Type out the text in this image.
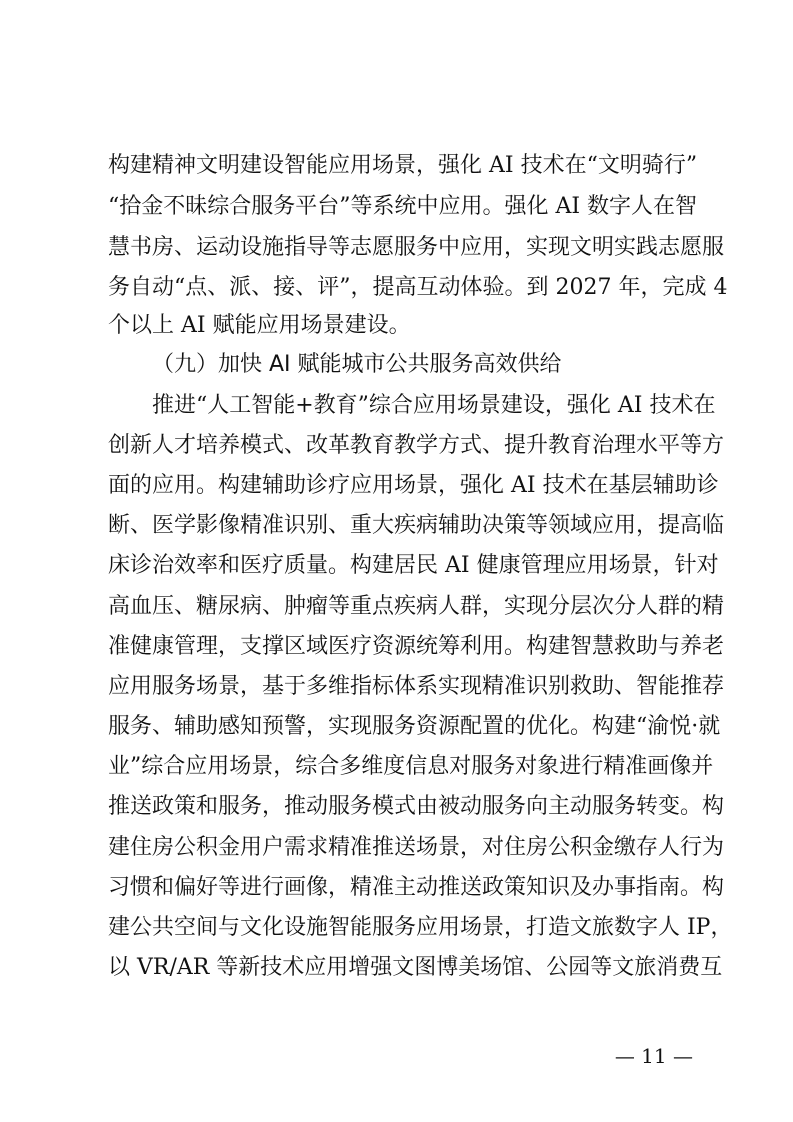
构建精神文明建设智能应用场景，强化 AI 技术在“文明骑行”
“拾金不昧综合服务平台”等系统中应用。强化 AI 数字人在智
慧书房、运动设施指导等志愿服务中应用，实现文明实践志愿服
务自动“点、派、接、评”，提高互动体验。到 2027 年，完成 4
个以上 AI 赋能应用场景建设。
（九）加快 AI 赋能城市公共服务高效供给
推进“人工智能+教育”综合应用场景建设，强化 AI 技术在
创新人才培养模式、改革教育教学方式、提升教育治理水平等方
面的应用。构建辅助诊疗应用场景，强化 AI 技术在基层辅助诊
断、医学影像精准识别、重大疾病辅助决策等领域应用，提高临
床诊治效率和医疗质量。构建居民 AI 健康管理应用场景，针对
高血压、糖尿病、肿瘤等重点疾病人群，实现分层次分人群的精
准健康管理，支撑区域医疗资源统筹利用。构建智慧救助与养老
应用服务场景，基于多维指标体系实现精准识别救助、智能推荐
服务、辅助感知预警，实现服务资源配置的优化。构建“渝悦·就
业”综合应用场景，综合多维度信息对服务对象进行精准画像并
推送政策和服务，推动服务模式由被动服务向主动服务转变。构
建住房公积金用户需求精准推送场景，对住房公积金缴存人行为
习惯和偏好等进行画像，精准主动推送政策知识及办事指南。构
建公共空间与文化设施智能服务应用场景，打造文旅数字人 IP，
以 VR/AR 等新技术应用增强文图博美场馆、公园等文旅消费互
— 11 —
